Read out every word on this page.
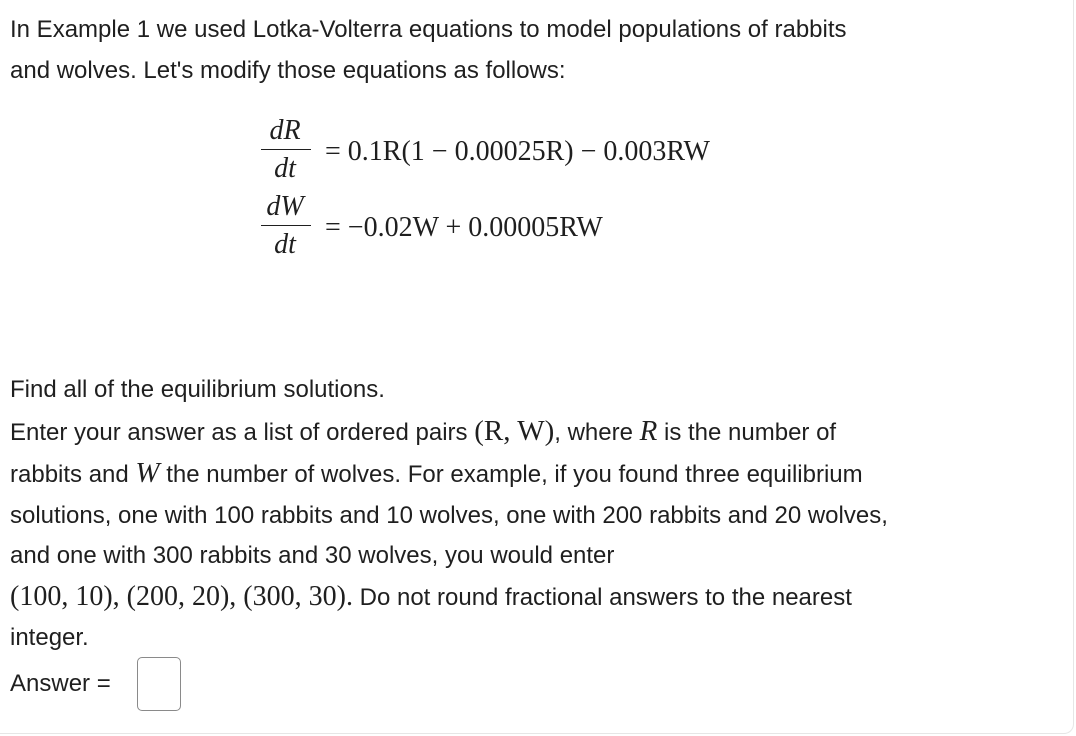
In Example 1 we used Lotka-Volterra equations to model populations of rabbits
and wolves. Let's modify those equations as follows:

dR
dt
= 0.1R(1 − 0.00025R) − 0.003RW
dW
dt
= −0.02W + 0.00005RW

Find all of the equilibrium solutions.
Enter your answer as a list of ordered pairs (R, W), where R is the number of
rabbits and W the number of wolves. For example, if you found three equilibrium
solutions, one with 100 rabbits and 10 wolves, one with 200 rabbits and 20 wolves,
and one with 300 rabbits and 30 wolves, you would enter
(100, 10), (200, 20), (300, 30). Do not round fractional answers to the nearest
integer.

Answer =
